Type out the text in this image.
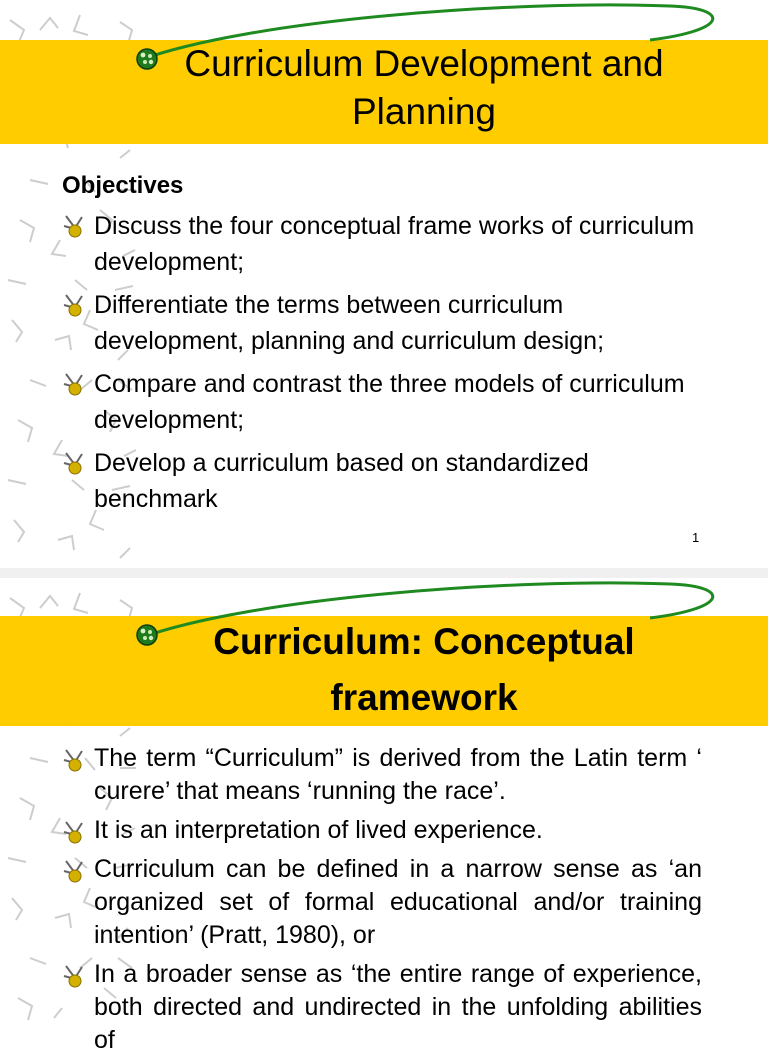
Curriculum Development and Planning
Objectives
Discuss the four conceptual frame works of curriculum development;
Differentiate the terms between curriculum development, planning and curriculum design;
Compare and contrast the three models of curriculum development;
Develop a curriculum based on standardized benchmark
1
Curriculum: Conceptual framework
The term “Curriculum” is derived from the Latin term ‘ curere’ that means ‘running the race’.
It is an interpretation of lived experience.
Curriculum can be defined in a narrow sense as ‘an organized set of formal educational and/or training intention’ (Pratt, 1980), or
In a broader sense as ‘the entire range of experience, both directed and undirected in the unfolding abilities of
